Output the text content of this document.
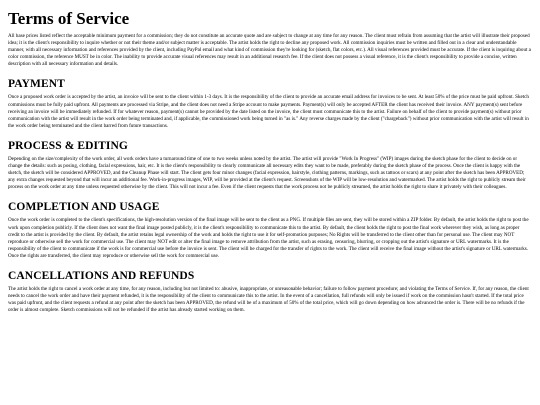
Terms of Service

All base prices listed reflect the acceptable minimum payment for a commission; they do not constitute an accurate quote and are subject to change at any time for any reason. The client must refrain from assuming that the artist will illustrate their proposed idea; it is the client's responsibility to inquire whether or not their theme and/or subject matter is acceptable. The artist holds the right to decline any proposed work. All commission inquiries must be written and filled out in a clear and understandable manner, with all necessary information and references provided by the client, including PayPal email and what kind of commission they're looking for (sketch, flat colors, etc.). All visual references provided must be accurate. If the client is inquiring about a color commission, the reference MUST be in color. The inability to provide accurate visual references may result in an additional research fee. If the client does not possess a visual reference, it is the client's responsibility to provide a concise, written description with all necessary information and details.

PAYMENT

Once a proposed work order is accepted by the artist, an invoice will be sent to the client within 1-3 days. It is the responsibility of the client to provide an accurate email address for invoices to be sent. At least 50% of the price must be paid upfront. Sketch commissions must be fully paid upfront. All payments are processed via Stripe, and the client does not need a Stripe account to make payments. Payment(s) will only be accepted AFTER the client has received their invoice. ANY payment(s) sent before receiving an invoice will be immediately refunded. If for whatever reason, payment(s) cannot be provided by the date listed on the invoice, the client must communicate this to the artist. Failure on behalf of the client to provide payment(s) without prior communication with the artist will result in the work order being terminated and, if applicable, the commissioned work being turned in "as is." Any reverse charges made by the client ("chargeback") without prior communication with the artist will result in the work order being terminated and the client barred from future transactions.

PROCESS & EDITING

Depending on the size/complexity of the work order, all work orders have a turnaround time of one to two weeks unless noted by the artist. The artist will provide "Work In Progress" (WIP) images during the sketch phase for the client to decide on or change the details: such as posing, clothing, facial expressions, hair, etc. It is the client's responsibility to clearly communicate all necessary edits they want to be made, preferably during the sketch phase of the process. Once the client is happy with the sketch, the sketch will be considered APPROVED, and the Cleanup Phase will start. The client gets four minor changes (facial expression, hairstyle, clothing patterns, markings, such as tattoos or scars) at any point after the sketch has been APPROVED; any extra changes requested beyond that will incur an additional fee. Work-in-progress images, WIP, will be provided at the client's request. Screenshots of the WIP will be low-resolution and watermarked. The artist holds the right to publicly stream their process on the work order at any time unless requested otherwise by the client. This will not incur a fee. Even if the client requests that the work process not be publicly streamed, the artist holds the right to share it privately with their colleagues.

COMPLETION AND USAGE

Once the work order is completed to the client's specifications, the high-resolution version of the final image will be sent to the client as a PNG. If multiple files are sent, they will be stored within a ZIP folder. By default, the artist holds the right to post the work upon completion publicly. If the client does not want the final image posted publicly, it is the client's responsibility to communicate this to the artist. By default, the client holds the right to post the final work wherever they wish, as long as proper credit to the artist is provided by the client. By default, the artist retains legal ownership of the work and holds the right to use it for self-promotion purposes; No Rights will be transferred to the client other than for personal use. The client may NOT reproduce or otherwise sell the work for commercial use. The client may NOT edit or alter the final image to remove attribution from the artist, such as erasing, censoring, blurring, or cropping out the artist's signature or URL watermarks. It is the responsibility of the client to communicate if the work is for commercial use before the invoice is sent. The client will be charged for the transfer of rights to the work. The client will receive the final image without the artist's signature or URL watermarks. Once the rights are transferred, the client may reproduce or otherwise sell the work for commercial use.

CANCELLATIONS AND REFUNDS

The artist holds the right to cancel a work order at any time, for any reason, including but not limited to: abusive, inappropriate, or unreasonable behavior; failure to follow payment procedure; and violating the Terms of Service. If, for any reason, the client needs to cancel the work order and have their payment refunded, it is the responsibility of the client to communicate this to the artist. In the event of a cancellation, full refunds will only be issued if work on the commission hasn't started. If the total price was paid upfront, and the client requests a refund at any point after the sketch has been APPROVED, the refund will be of a maximum of 50% of the total price, which will go down depending on how advanced the order is. There will be no refunds if the order is almost complete. Sketch commissions will not be refunded if the artist has already started working on them.
